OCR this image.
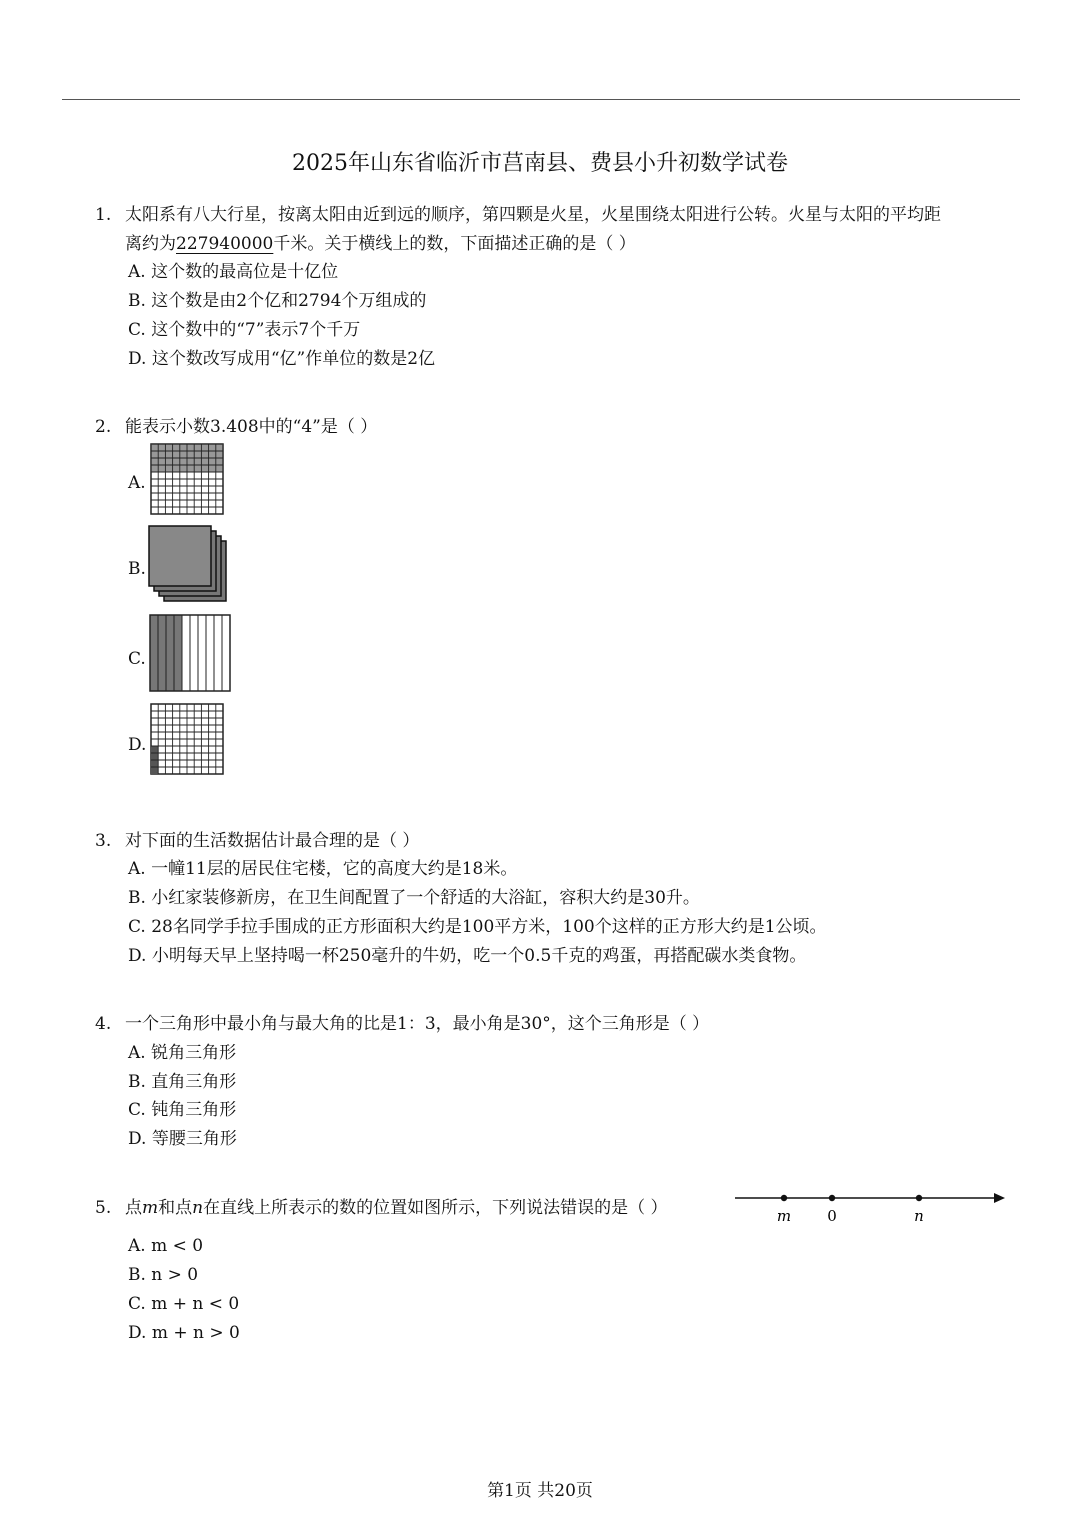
2025年山东省临沂市莒南县、费县小升初数学试卷
1. 太阳系有八大行星，按离太阳由近到远的顺序，第四颗是火星，火星围绕太阳进行公转。火星与太阳的平均距
离约为227940000千米。关于横线上的数，下面描述正确的是（ ）
A. 这个数的最高位是十亿位
B. 这个数是由2个亿和2794个万组成的
C. 这个数中的“7”表示7个千万
D. 这个数改写成用“亿”作单位的数是2亿
2. 能表示小数3.408中的“4”是（ ）
A.
B.
C.
D.
3. 对下面的生活数据估计最合理的是（ ）
A. 一幢11层的居民住宅楼，它的高度大约是18米。
B. 小红家装修新房，在卫生间配置了一个舒适的大浴缸，容积大约是30升。
C. 28名同学手拉手围成的正方形面积大约是100平方米，100个这样的正方形大约是1公顷。
D. 小明每天早上坚持喝一杯250毫升的牛奶，吃一个0.5千克的鸡蛋，再搭配碳水类食物。
4. 一个三角形中最小角与最大角的比是1：3，最小角是30°，这个三角形是（ ）
A. 锐角三角形
B. 直角三角形
C. 钝角三角形
D. 等腰三角形
5. 点m和点n在直线上所表示的数的位置如图所示，下列说法错误的是（ ）	m 0	n
A. m < 0
B. n > 0
C. m + n < 0
D. m + n > 0
第1页 共20页
